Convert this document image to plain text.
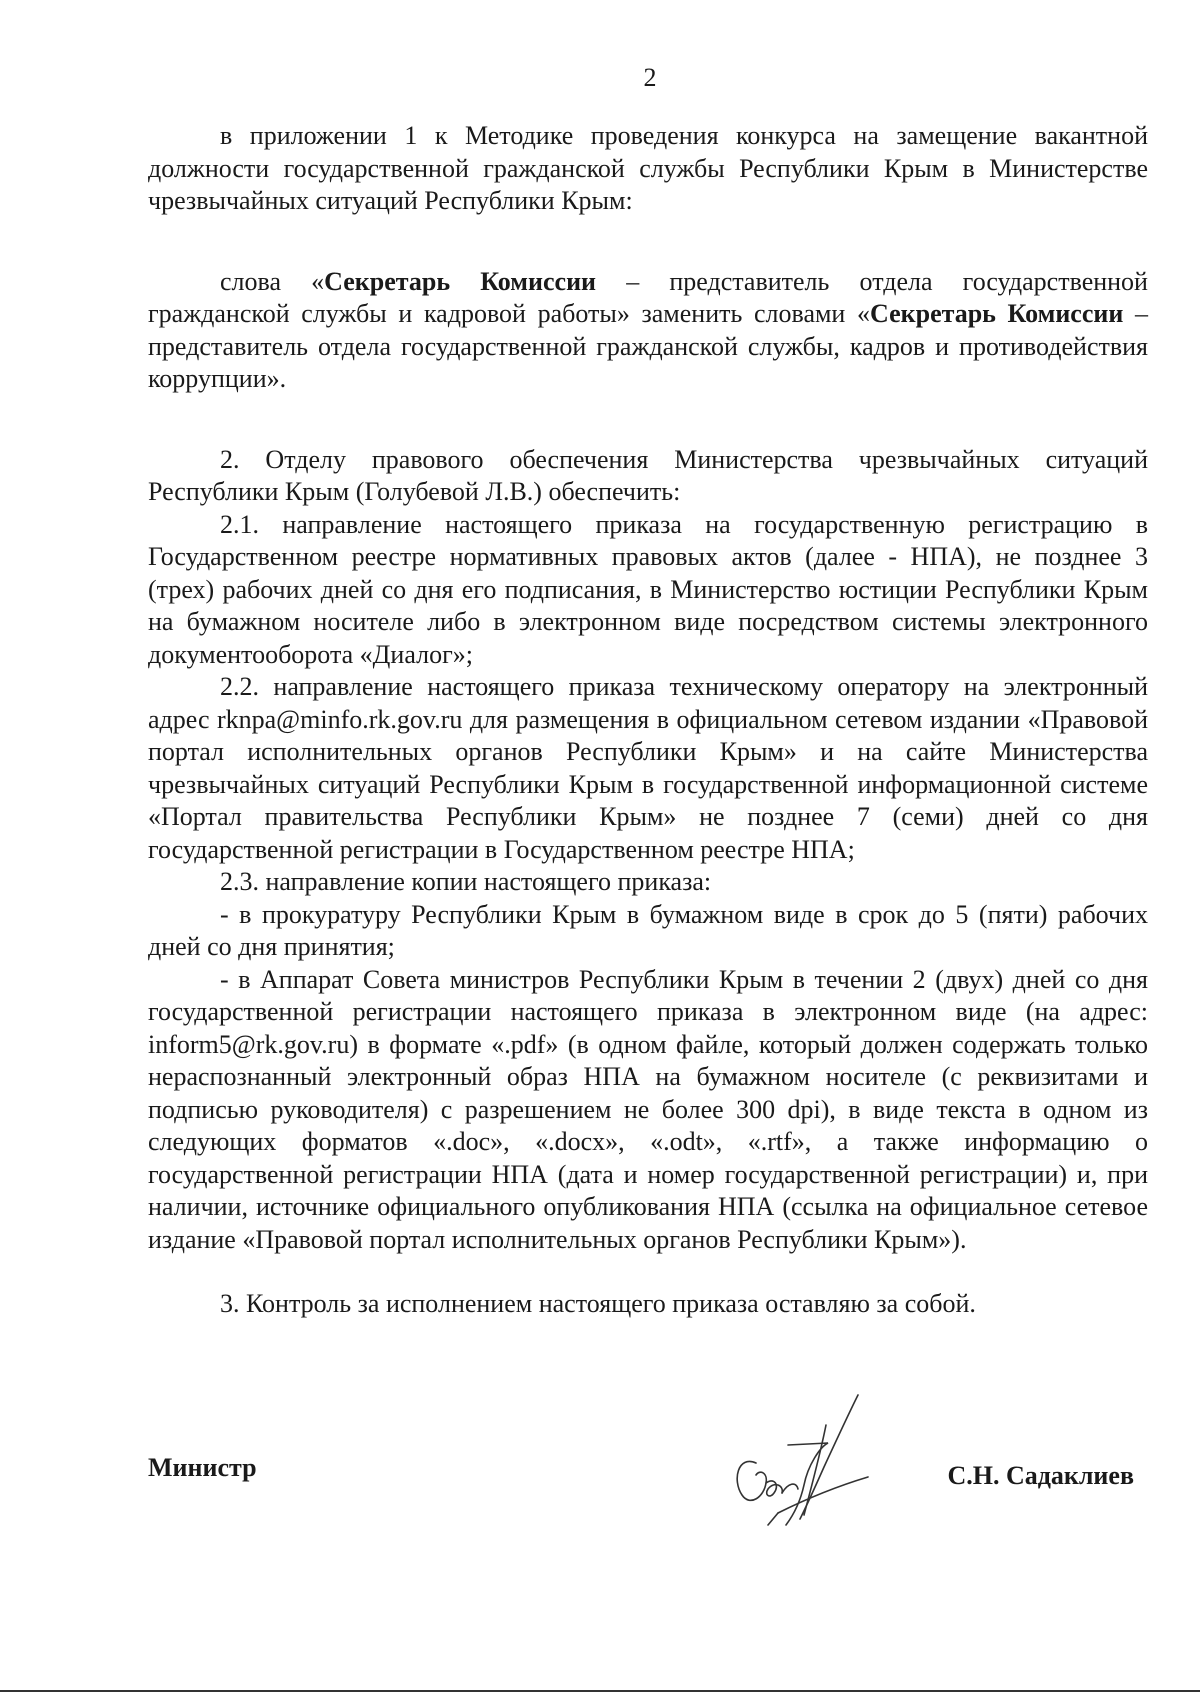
2

в приложении 1 к Методике проведения конкурса на замещение вакантной должности государственной гражданской службы Республики Крым в Министерстве чрезвычайных ситуаций Республики Крым:

слова «Секретарь Комиссии – представитель отдела государственной гражданской службы и кадровой работы» заменить словами «Секретарь Комиссии – представитель отдела государственной гражданской службы, кадров и противодействия коррупции».

2. Отделу правового обеспечения Министерства чрезвычайных ситуаций Республики Крым (Голубевой Л.В.) обеспечить:

2.1. направление настоящего приказа на государственную регистрацию в Государственном реестре нормативных правовых актов (далее - НПА), не позднее 3 (трех) рабочих дней со дня его подписания, в Министерство юстиции Республики Крым на бумажном носителе либо в электронном виде посредством системы электронного документооборота «Диалог»;

2.2. направление настоящего приказа техническому оператору на электронный адрес rknpa@minfo.rk.gov.ru для размещения в официальном сетевом издании «Правовой портал исполнительных органов Республики Крым» и на сайте Министерства чрезвычайных ситуаций Республики Крым в государственной информационной системе «Портал правительства Республики Крым» не позднее 7 (семи) дней со дня государственной регистрации в Государственном реестре НПА;

2.3. направление копии настоящего приказа:

- в прокуратуру Республики Крым в бумажном виде в срок до 5 (пяти) рабочих дней со дня принятия;

- в Аппарат Совета министров Республики Крым в течении 2 (двух) дней со дня государственной регистрации настоящего приказа в электронном виде (на адрес: inform5@rk.gov.ru) в формате «.pdf» (в одном файле, который должен содержать только нераспознанный электронный образ НПА на бумажном носителе (с реквизитами и подписью руководителя) с разрешением не более 300 dpi), в виде текста в одном из следующих форматов «.doc», «.docx», «.odt», «.rtf», а также информацию о государственной регистрации НПА (дата и номер государственной регистрации) и, при наличии, источнике официального опубликования НПА (ссылка на официальное сетевое издание «Правовой портал исполнительных органов Республики Крым»).

3. Контроль за исполнением настоящего приказа оставляю за собой.

Министр	С.Н. Садаклиев
